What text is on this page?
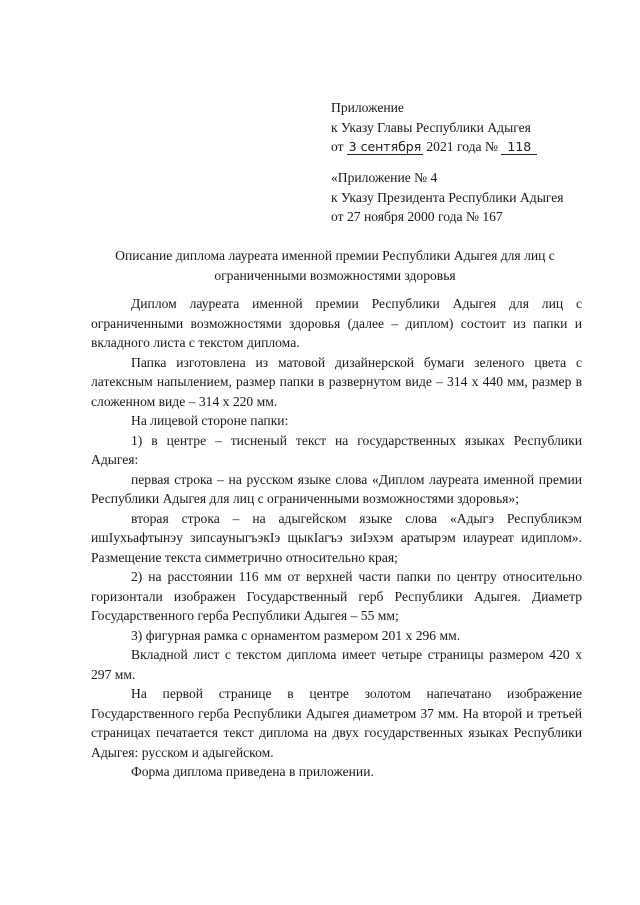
Приложение
к Указу Главы Республики Адыгея
от 3 сентября 2021 года № 118
«Приложение № 4
к Указу Президента Республики Адыгея
от 27 ноября 2000 года № 167
Описание диплома лауреата именной премии Республики Адыгея для лиц с
ограниченными возможностями здоровья

Диплом лауреата именной премии Республики Адыгея для лиц с ограниченными возможностями здоровья (далее – диплом) состоит из папки и вкладного листа с текстом диплома.

Папка изготовлена из матовой дизайнерской бумаги зеленого цвета с латексным напылением, размер папки в развернутом виде – 314 x 440 мм, размер в сложенном виде – 314 x 220 мм.

На лицевой стороне папки:

1) в центре – тисненый текст на государственных языках Республики Адыгея:

первая строка – на русском языке слова «Диплом лауреата именной премии Республики Адыгея для лиц с ограниченными возможностями здоровья»;

вторая строка – на адыгейском языке слова «Адыгэ Республикэм ишIухьафтынэу зипсауныгъэкIэ щыкIагъэ зиIэхэм аратырэм илауреат идиплом». Размещение текста симметрично относительно края;

2) на расстоянии 116 мм от верхней части папки по центру относительно горизонтали изображен Государственный герб Республики Адыгея. Диаметр Государственного герба Республики Адыгея – 55 мм;

3) фигурная рамка с орнаментом размером 201 x 296 мм.

Вкладной лист с текстом диплома имеет четыре страницы размером 420 x 297 мм.

На первой странице в центре золотом напечатано изображение Государственного герба Республики Адыгея диаметром 37 мм. На второй и третьей страницах печатается текст диплома на двух государственных языках Республики Адыгея: русском и адыгейском.

Форма диплома приведена в приложении.
